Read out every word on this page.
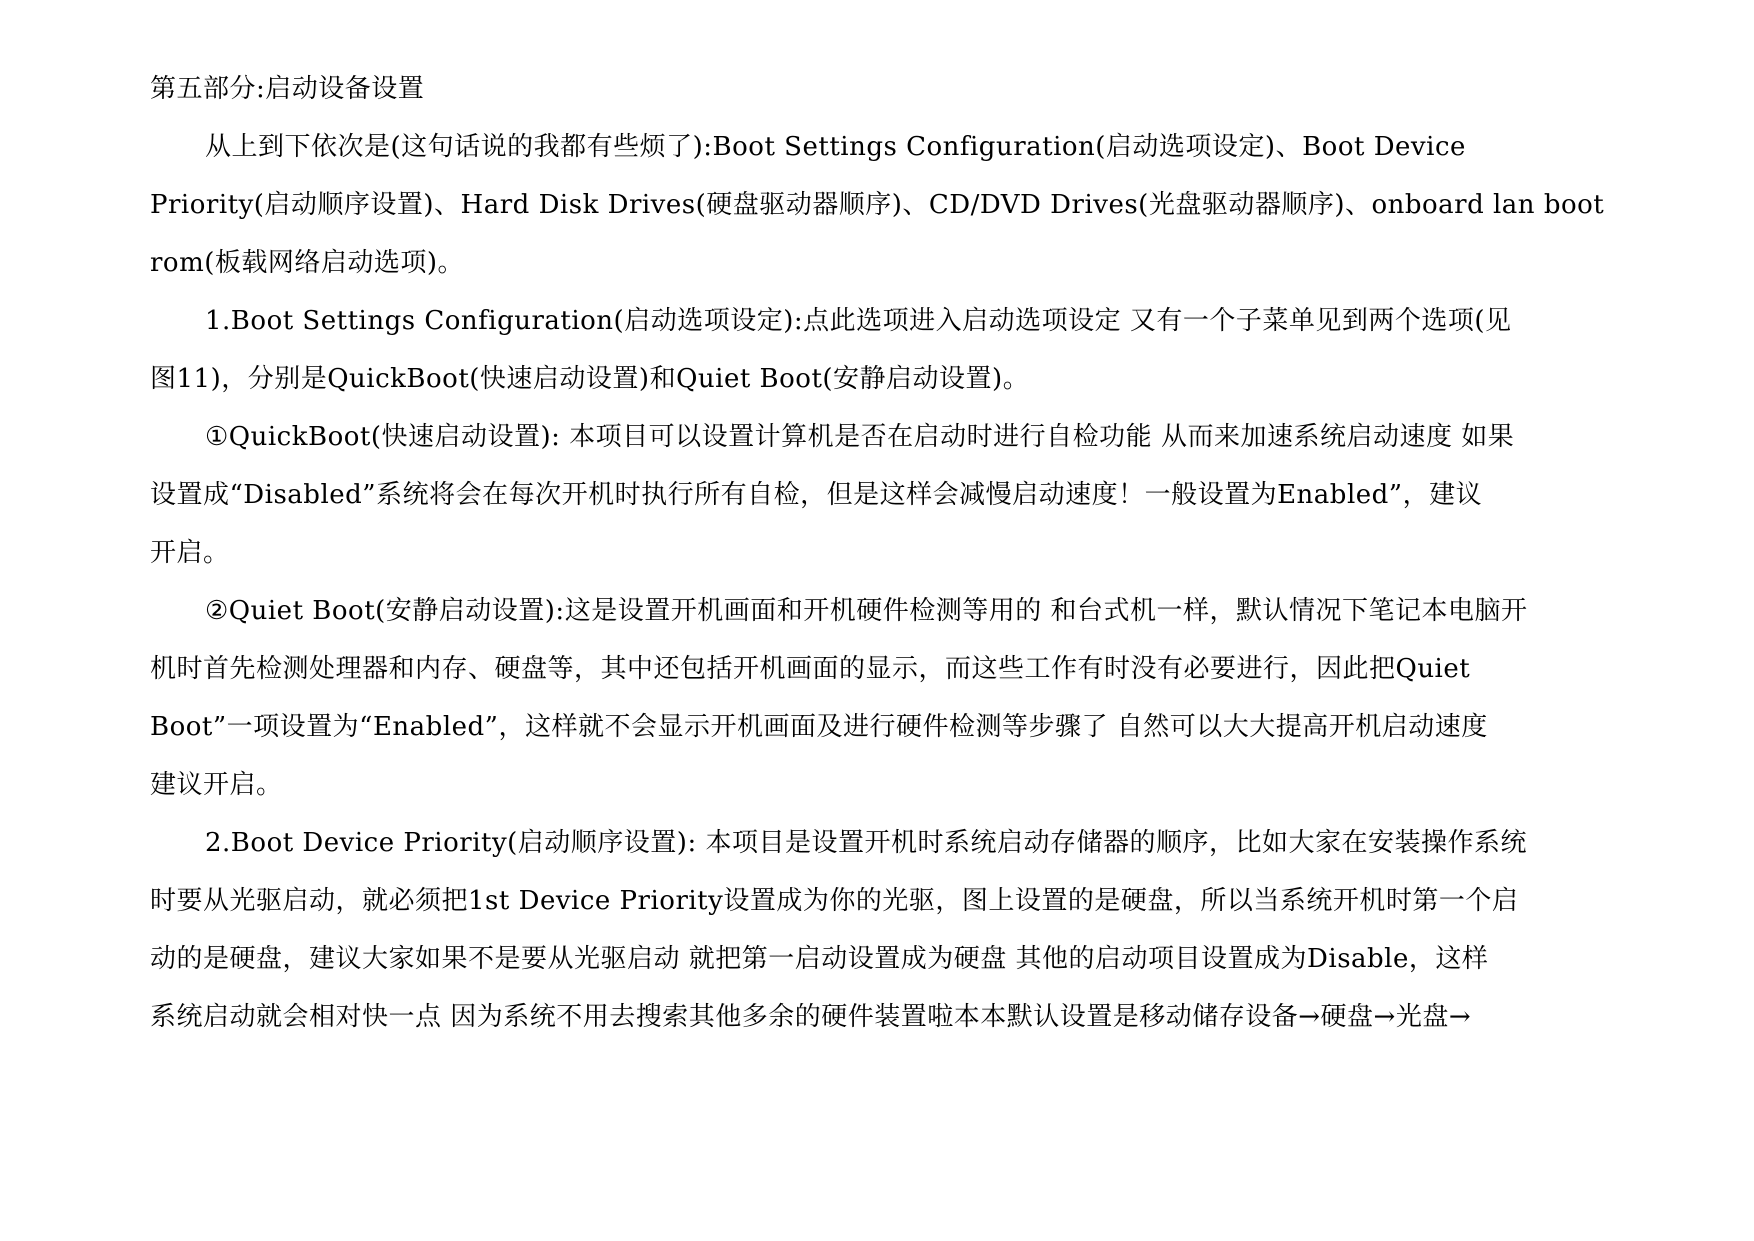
第五部分:启动设备设置
从上到下依次是(这句话说的我都有些烦了):Boot Settings Configuration(启动选项设定)、Boot Device
Priority(启动顺序设置)、Hard Disk Drives(硬盘驱动器顺序)、CD/DVD Drives(光盘驱动器顺序)、onboard lan boot
rom(板载网络启动选项)。
1.Boot Settings Configuration(启动选项设定):点此选项进入启动选项设定 又有一个子菜单见到两个选项(见
图11)，分别是QuickBoot(快速启动设置)和Quiet Boot(安静启动设置)。
①QuickBoot(快速启动设置): 本项目可以设置计算机是否在启动时进行自检功能 从而来加速系统启动速度 如果
设置成“Disabled”系统将会在每次开机时执行所有自检，但是这样会减慢启动速度！一般设置为Enabled”，建议
开启。
②Quiet Boot(安静启动设置):这是设置开机画面和开机硬件检测等用的 和台式机一样，默认情况下笔记本电脑开
机时首先检测处理器和内存、硬盘等，其中还包括开机画面的显示，而这些工作有时没有必要进行，因此把Quiet
Boot”一项设置为“Enabled”，这样就不会显示开机画面及进行硬件检测等步骤了 自然可以大大提高开机启动速度
建议开启。
2.Boot Device Priority(启动顺序设置): 本项目是设置开机时系统启动存储器的顺序，比如大家在安装操作系统
时要从光驱启动，就必须把1st Device Priority设置成为你的光驱，图上设置的是硬盘，所以当系统开机时第一个启
动的是硬盘，建议大家如果不是要从光驱启动 就把第一启动设置成为硬盘 其他的启动项目设置成为Disable，这样
系统启动就会相对快一点 因为系统不用去搜索其他多余的硬件装置啦本本默认设置是移动储存设备→硬盘→光盘→
